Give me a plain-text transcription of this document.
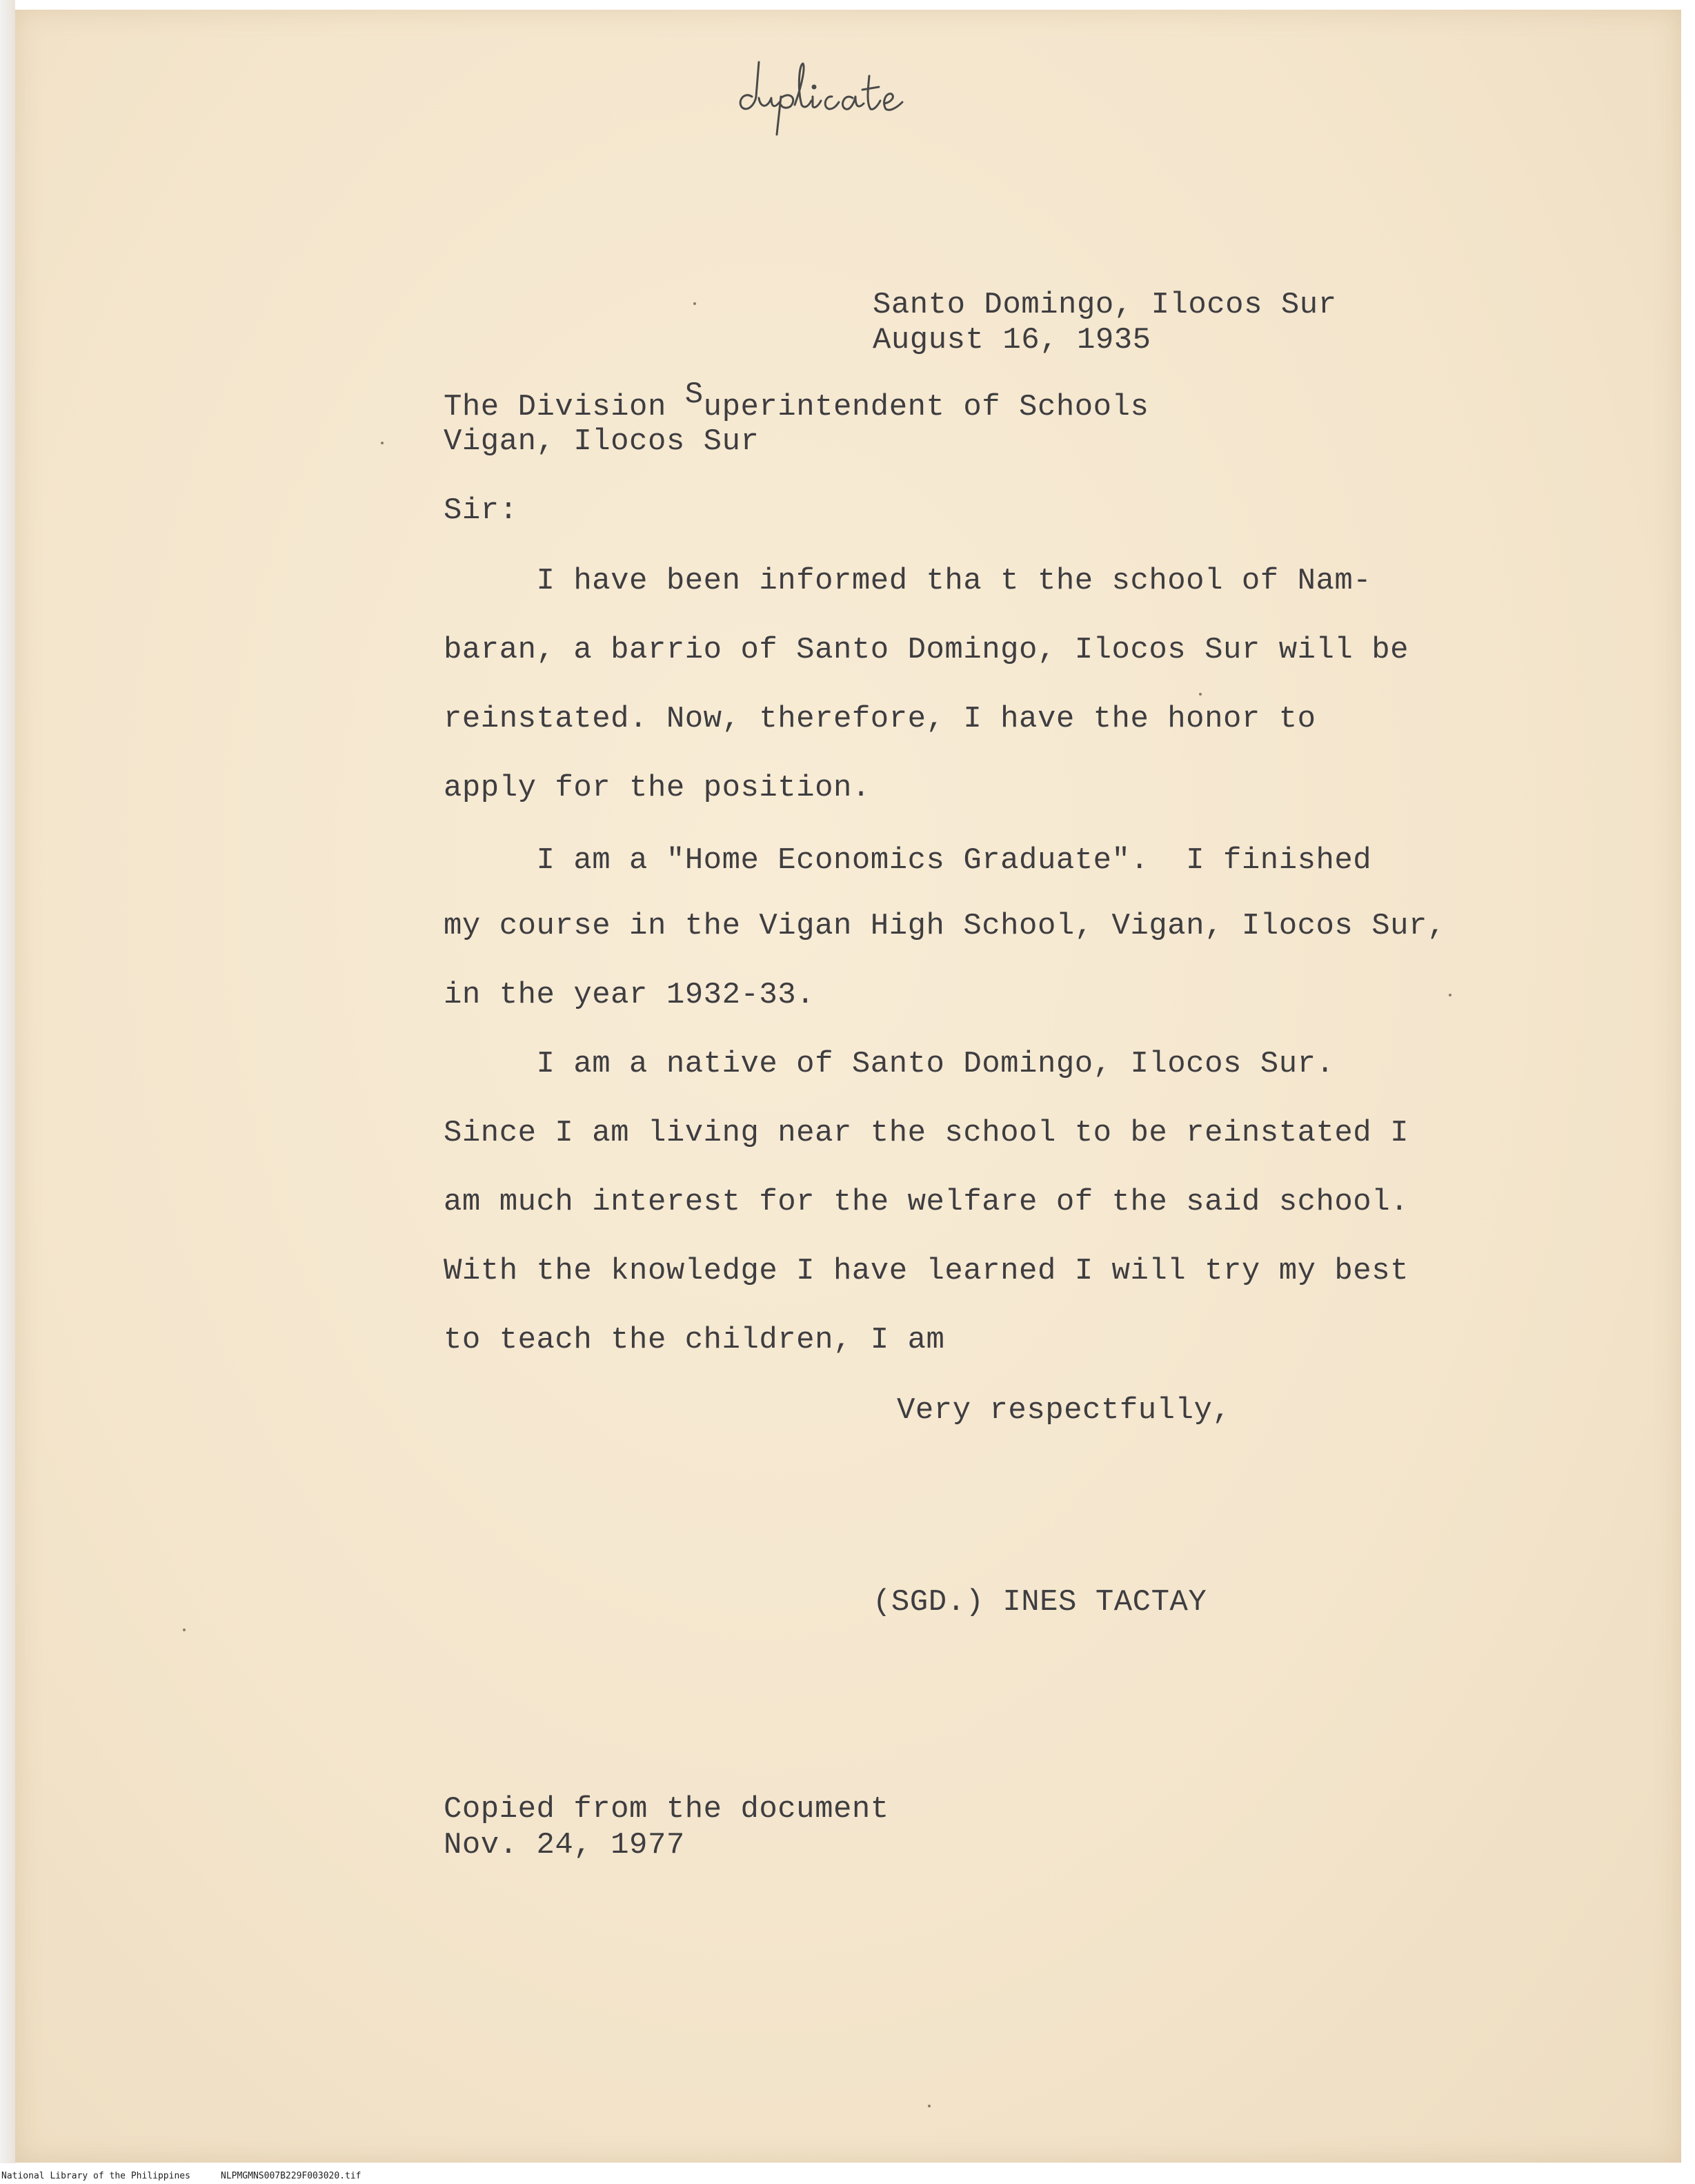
Santo Domingo, Ilocos Sur
August 16, 1935
The Division Superintendent of Schools
Vigan, Ilocos Sur
Sir:
I have been informed tha t the school of Nam-
baran, a barrio of Santo Domingo, Ilocos Sur will be
reinstated. Now, therefore, I have the honor to
apply for the position.
I am a "Home Economics Graduate".  I finished
my course in the Vigan High School, Vigan, Ilocos Sur,
in the year 1932-33.
I am a native of Santo Domingo, Ilocos Sur.
Since I am living near the school to be reinstated I
am much interest for the welfare of the said school.
With the knowledge I have learned I will try my best
to teach the children, I am
Very respectfully,
(SGD.) INES TACTAY
Copied from the document
Nov. 24, 1977
National Library of the Philippines	NLPMGMNS007B229F003020.tif
